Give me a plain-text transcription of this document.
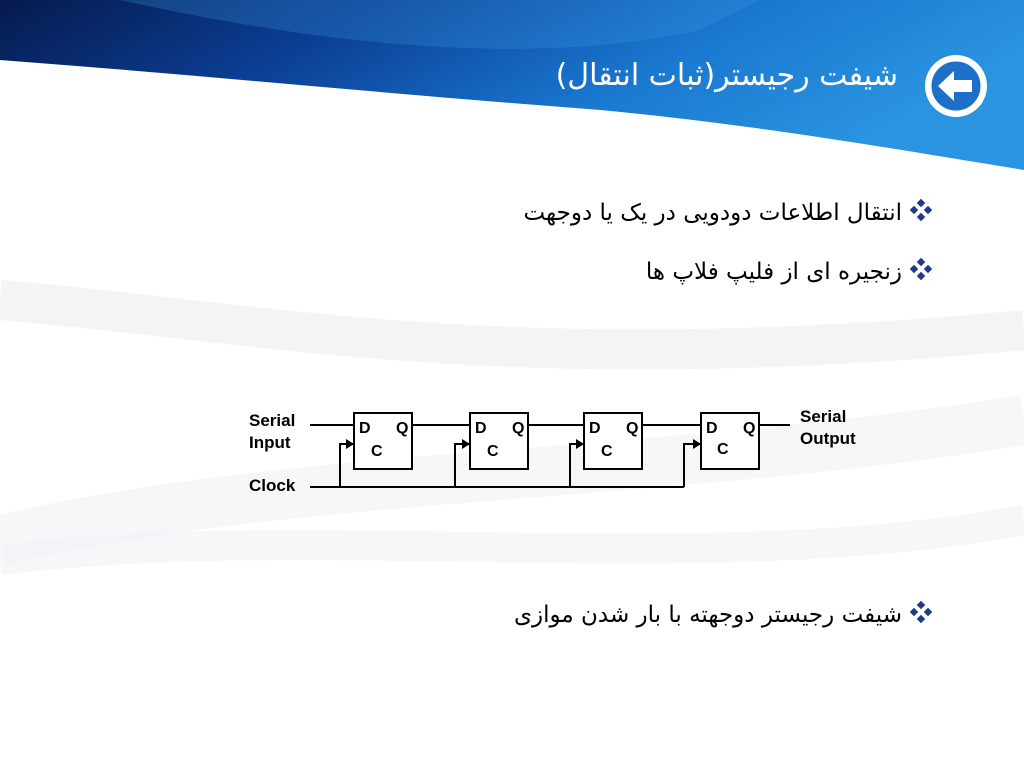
شیفت رجیستر(ثبات انتقال)
انتقال اطلاعات دودویی در یک یا دوجهت
زنجیره ای از فلیپ فلاپ ها
شیفت رجیستر دوجهته با بار شدن موازی
Serial
Input
Clock
Serial
Output
D Q
C
D Q
C
D Q
C
D Q
C
